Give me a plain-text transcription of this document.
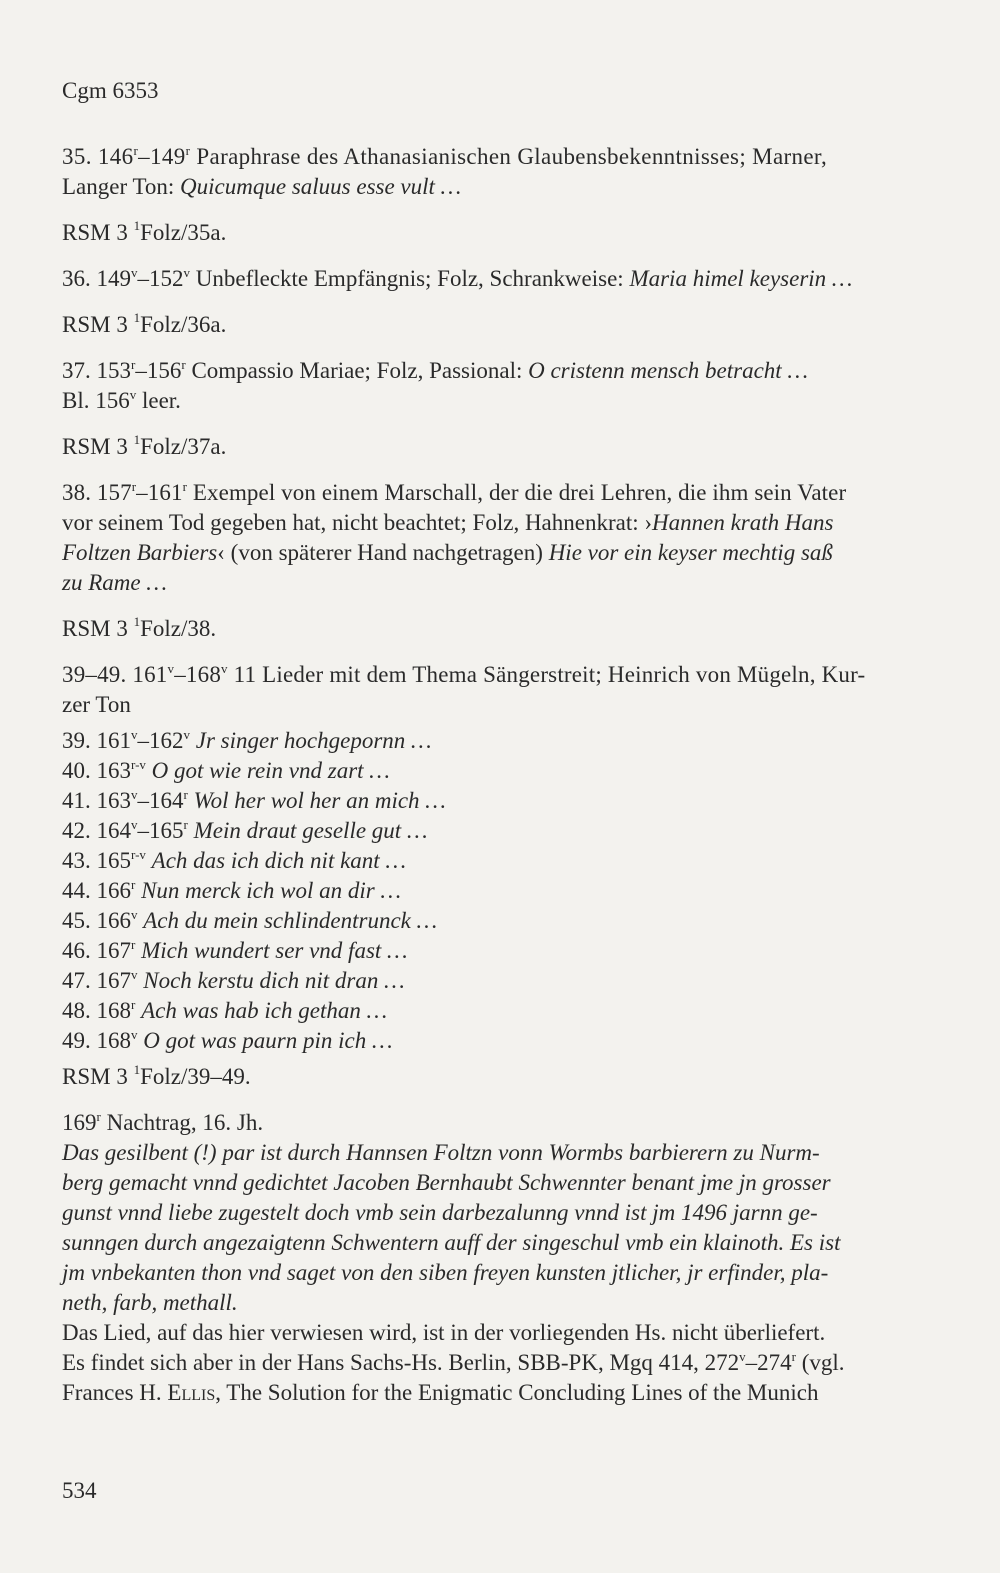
Cgm 6353
35. 146$^r$–149$^r$ Paraphrase des Athanasianischen Glaubensbekenntnisses; Marner,
Langer Ton: Quicumque saluus esse vult …
RSM 3 $^1$Folz/35a.
36. 149$^v$–152$^v$ Unbefleckte Empfängnis; Folz, Schrankweise: Maria himel keyserin …
RSM 3 $^1$Folz/36a.
37. 153$^r$–156$^r$ Compassio Mariae; Folz, Passional: O cristenn mensch betracht …
Bl. 156$^v$ leer.
RSM 3 $^1$Folz/37a.
38. 157$^r$–161$^r$ Exempel von einem Marschall, der die drei Lehren, die ihm sein Vater
vor seinem Tod gegeben hat, nicht beachtet; Folz, Hahnenkrat: ›Hannen krath Hans
Foltzen Barbiers‹ (von späterer Hand nachgetragen) Hie vor ein keyser mechtig saß
zu Rame …
RSM 3 $^1$Folz/38.
39–49. 161$^v$–168$^v$ 11 Lieder mit dem Thema Sängerstreit; Heinrich von Mügeln, Kur-
zer Ton
39. 161$^v$–162$^v$ Jr singer hochgepornn …
40. 163$^{r-v}$ O got wie rein vnd zart …
41. 163$^v$–164$^r$ Wol her wol her an mich …
42. 164$^v$–165$^r$ Mein draut geselle gut …
43. 165$^{r-v}$ Ach das ich dich nit kant …
44. 166$^r$ Nun merck ich wol an dir …
45. 166$^v$ Ach du mein schlindentrunck …
46. 167$^r$ Mich wundert ser vnd fast …
47. 167$^v$ Noch kerstu dich nit dran …
48. 168$^r$ Ach was hab ich gethan …
49. 168$^v$ O got was paurn pin ich …
RSM 3 $^1$Folz/39–49.
169$^r$ Nachtrag, 16. Jh.
Das gesilbent (!) par ist durch Hannsen Foltzn vonn Wormbs barbierern zu Nurm-
berg gemacht vnnd gedichtet Jacoben Bernhaubt Schwennter benant jme jn grosser
gunst vnnd liebe zugestelt doch vmb sein darbezalunng vnnd ist jm 1496 jarnn ge-
sunngen durch angezaigtenn Schwentern auff der singeschul vmb ein klainoth. Es ist
jm vnbekanten thon vnd saget von den siben freyen kunsten jtlicher, jr erfinder, pla-
neth, farb, methall.
Das Lied, auf das hier verwiesen wird, ist in der vorliegenden Hs. nicht überliefert.
Es findet sich aber in der Hans Sachs-Hs. Berlin, SBB-PK, Mgq 414, 272$^v$–274$^r$ (vgl.
Frances H. Ellis, The Solution for the Enigmatic Concluding Lines of the Munich
534
